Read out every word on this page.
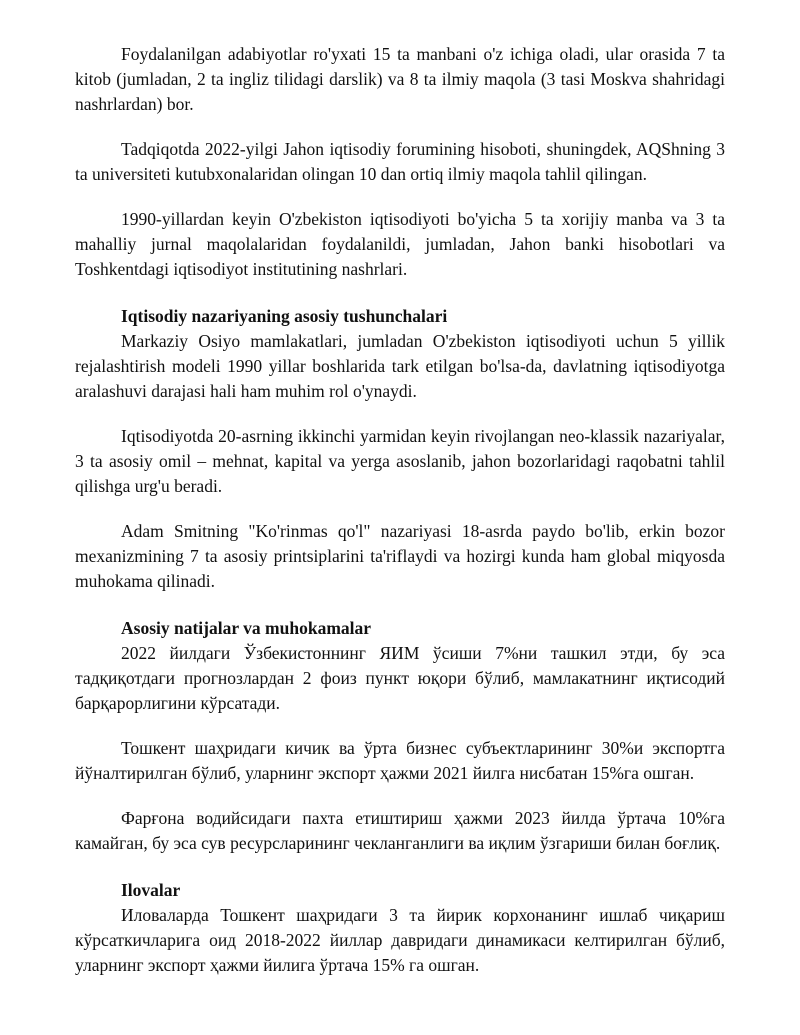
Foydalanilgan adabiyotlar ro'yxati 15 ta manbani o'z ichiga oladi, ular orasida 7 ta kitob (jumladan, 2 ta ingliz tilidagi darslik) va 8 ta ilmiy maqola (3 tasi Moskva shahridagi nashrlardan) bor.

Tadqiqotda 2022-yilgi Jahon iqtisodiy forumining hisoboti, shuningdek, AQShning 3 ta universiteti kutubxonalaridan olingan 10 dan ortiq ilmiy maqola tahlil qilingan.

1990-yillardan keyin O'zbekiston iqtisodiyoti bo'yicha 5 ta xorijiy manba va 3 ta mahalliy jurnal maqolalaridan foydalanildi, jumladan, Jahon banki hisobotlari va Toshkentdagi iqtisodiyot institutining nashrlari.

Iqtisodiy nazariyaning asosiy tushunchalari

Markaziy Osiyo mamlakatlari, jumladan O'zbekiston iqtisodiyoti uchun 5 yillik rejalashtirish modeli 1990 yillar boshlarida tark etilgan bo'lsa-da, davlatning iqtisodiyotga aralashuvi darajasi hali ham muhim rol o'ynaydi.

Iqtisodiyotda 20-asrning ikkinchi yarmidan keyin rivojlangan neo-klassik nazariyalar, 3 ta asosiy omil – mehnat, kapital va yerga asoslanib, jahon bozorlaridagi raqobatni tahlil qilishga urg'u beradi.

Adam Smitning "Ko'rinmas qo'l" nazariyasi 18-asrda paydo bo'lib, erkin bozor mexanizmining 7 ta asosiy printsiplarini ta'riflaydi va hozirgi kunda ham global miqyosda muhokama qilinadi.

Asosiy natijalar va muhokamalar

2022 йилдаги Ўзбекистоннинг ЯИМ ўсиши 7%ни ташкил этди, бу эса тадқиқотдаги прогнозлардан 2 фоиз пункт юқори бўлиб, мамлакатнинг иқтисодий барқарорлигини кўрсатади.

Тошкент шаҳридаги кичик ва ўрта бизнес субъектларининг 30%и экспортга йўналтирилган бўлиб, уларнинг экспорт ҳажми 2021 йилга нисбатан 15%га ошган.

Фарғона водийсидаги пахта етиштириш ҳажми 2023 йилда ўртача 10%га камайган, бу эса сув ресурсларининг чекланганлиги ва иқлим ўзгариши билан боғлиқ.

Ilovalar

Иловаларда Тошкент шаҳридаги 3 та йирик корхонанинг ишлаб чиқариш кўрсаткичларига оид 2018-2022 йиллар давридаги динамикаси келтирилган бўлиб, уларнинг экспорт ҳажми йилига ўртача 15% га ошган.
